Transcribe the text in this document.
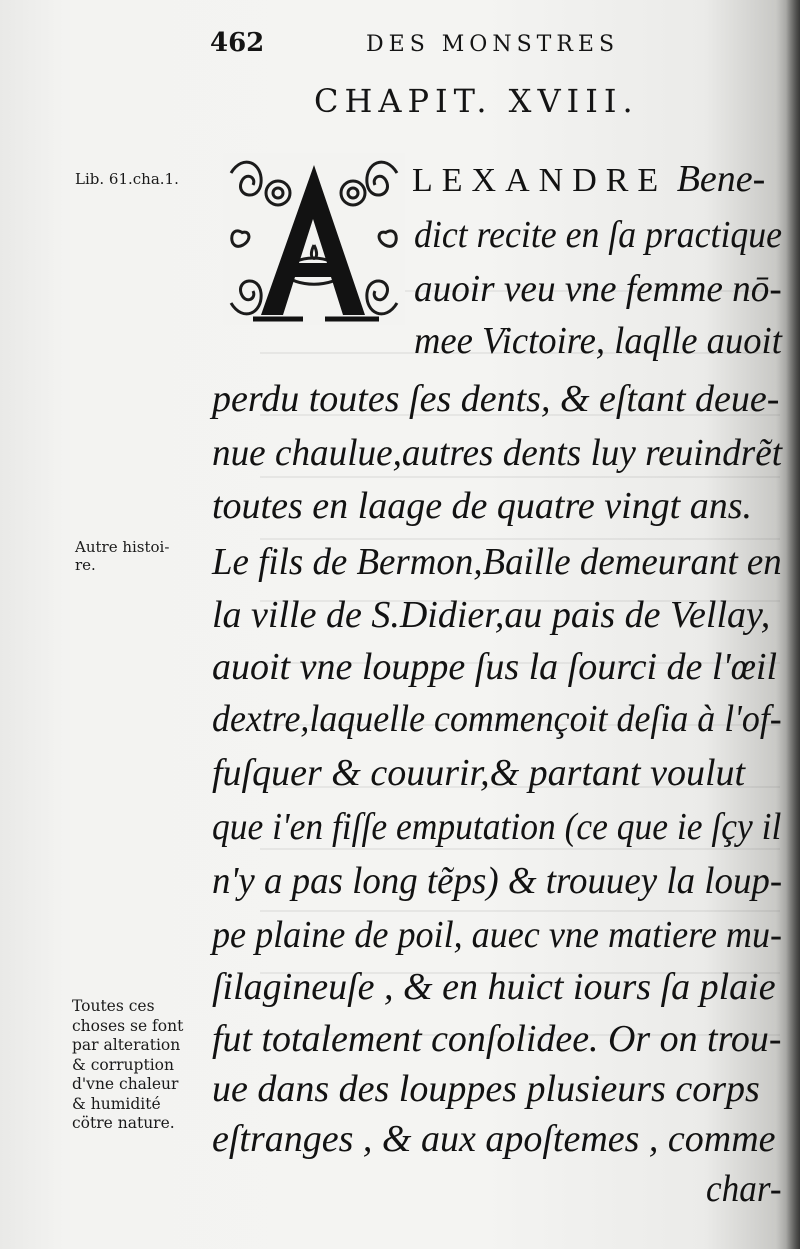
462	DES MONSTRES
CHAPIT. XVIII.
Lib. 61.cha.1.
Autre histoi-
re.
Toutes ces
choses se font
par alteration
& corruption
d'vne chaleur
& humidité
cötre nature.
LEXANDRE Bene-
dict recite en ſa practique
auoir veu vne femme nō-
mee Victoire, laqlle auoit
perdu toutes ſes dents, & eſtant deue-
nue chaulue,autres dents luy reuindrẽt
toutes en laage de quatre vingt ans.
Le fils de Bermon,Baille demeurant en
la ville de S.Didier,au pais de Vellay,
auoit vne louppe ſus la ſourci de l'œil
dextre,laquelle commençoit deſia à l'of-
fuſquer & couurir,& partant voulut
que i'en fiſſe emputation (ce que ie ſçy il
n'y a pas long tẽps) & trouuey la loup-
pe plaine de poil, auec vne matiere mu-
ſilagineuſe , & en huict iours ſa plaie
fut totalement conſolidee. Or on trou-
ue dans des louppes plusieurs corps
eſtranges , & aux apoſtemes , comme
char-
